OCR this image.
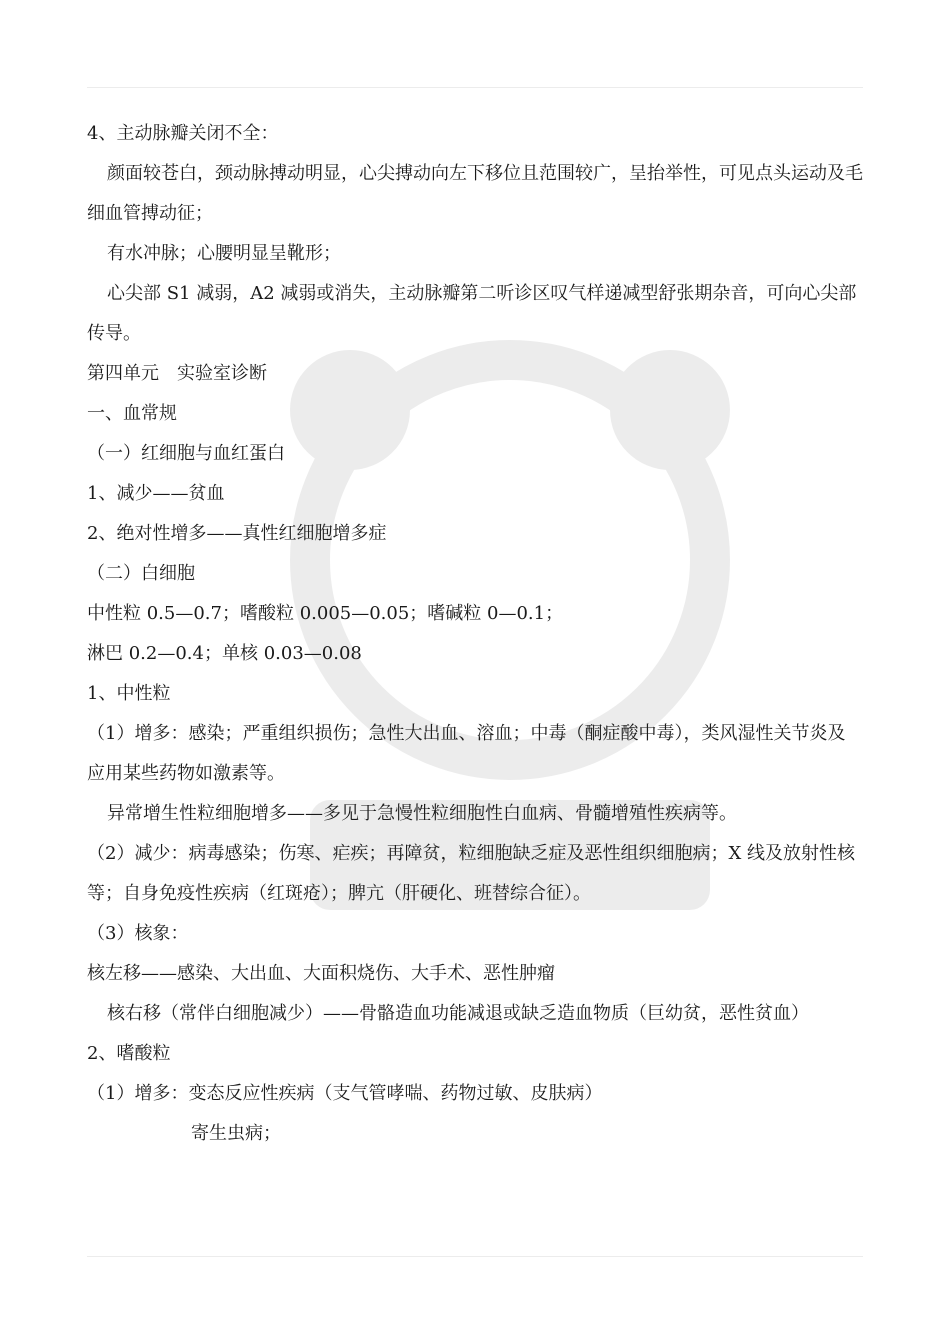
4、主动脉瓣关闭不全：

颜面较苍白，颈动脉搏动明显，心尖搏动向左下移位且范围较广，呈抬举性，可见点头运动及毛细血管搏动征；

有水冲脉；心腰明显呈靴形；

心尖部 S1 减弱，A2 减弱或消失，主动脉瓣第二听诊区叹气样递减型舒张期杂音，可向心尖部传导。

第四单元　实验室诊断

一、血常规

（一）红细胞与血红蛋白

1、减少——贫血

2、绝对性增多——真性红细胞增多症

（二）白细胞

中性粒 0.5—0.7；嗜酸粒 0.005—0.05；嗜碱粒 0—0.1；

淋巴 0.2—0.4；单核 0.03—0.08

1、中性粒

（1）增多：感染；严重组织损伤；急性大出血、溶血；中毒（酮症酸中毒），类风湿性关节炎及应用某些药物如激素等。

异常增生性粒细胞增多——多见于急慢性粒细胞性白血病、骨髓增殖性疾病等。

（2）减少：病毒感染；伤寒、疟疾；再障贫，粒细胞缺乏症及恶性组织细胞病；X 线及放射性核等；自身免疫性疾病（红斑疮）；脾亢（肝硬化、班替综合征）。

（3）核象：

核左移——感染、大出血、大面积烧伤、大手术、恶性肿瘤

核右移（常伴白细胞减少）——骨骼造血功能减退或缺乏造血物质（巨幼贫，恶性贫血）

2、嗜酸粒

（1）增多：变态反应性疾病（支气管哮喘、药物过敏、皮肤病）

寄生虫病；
